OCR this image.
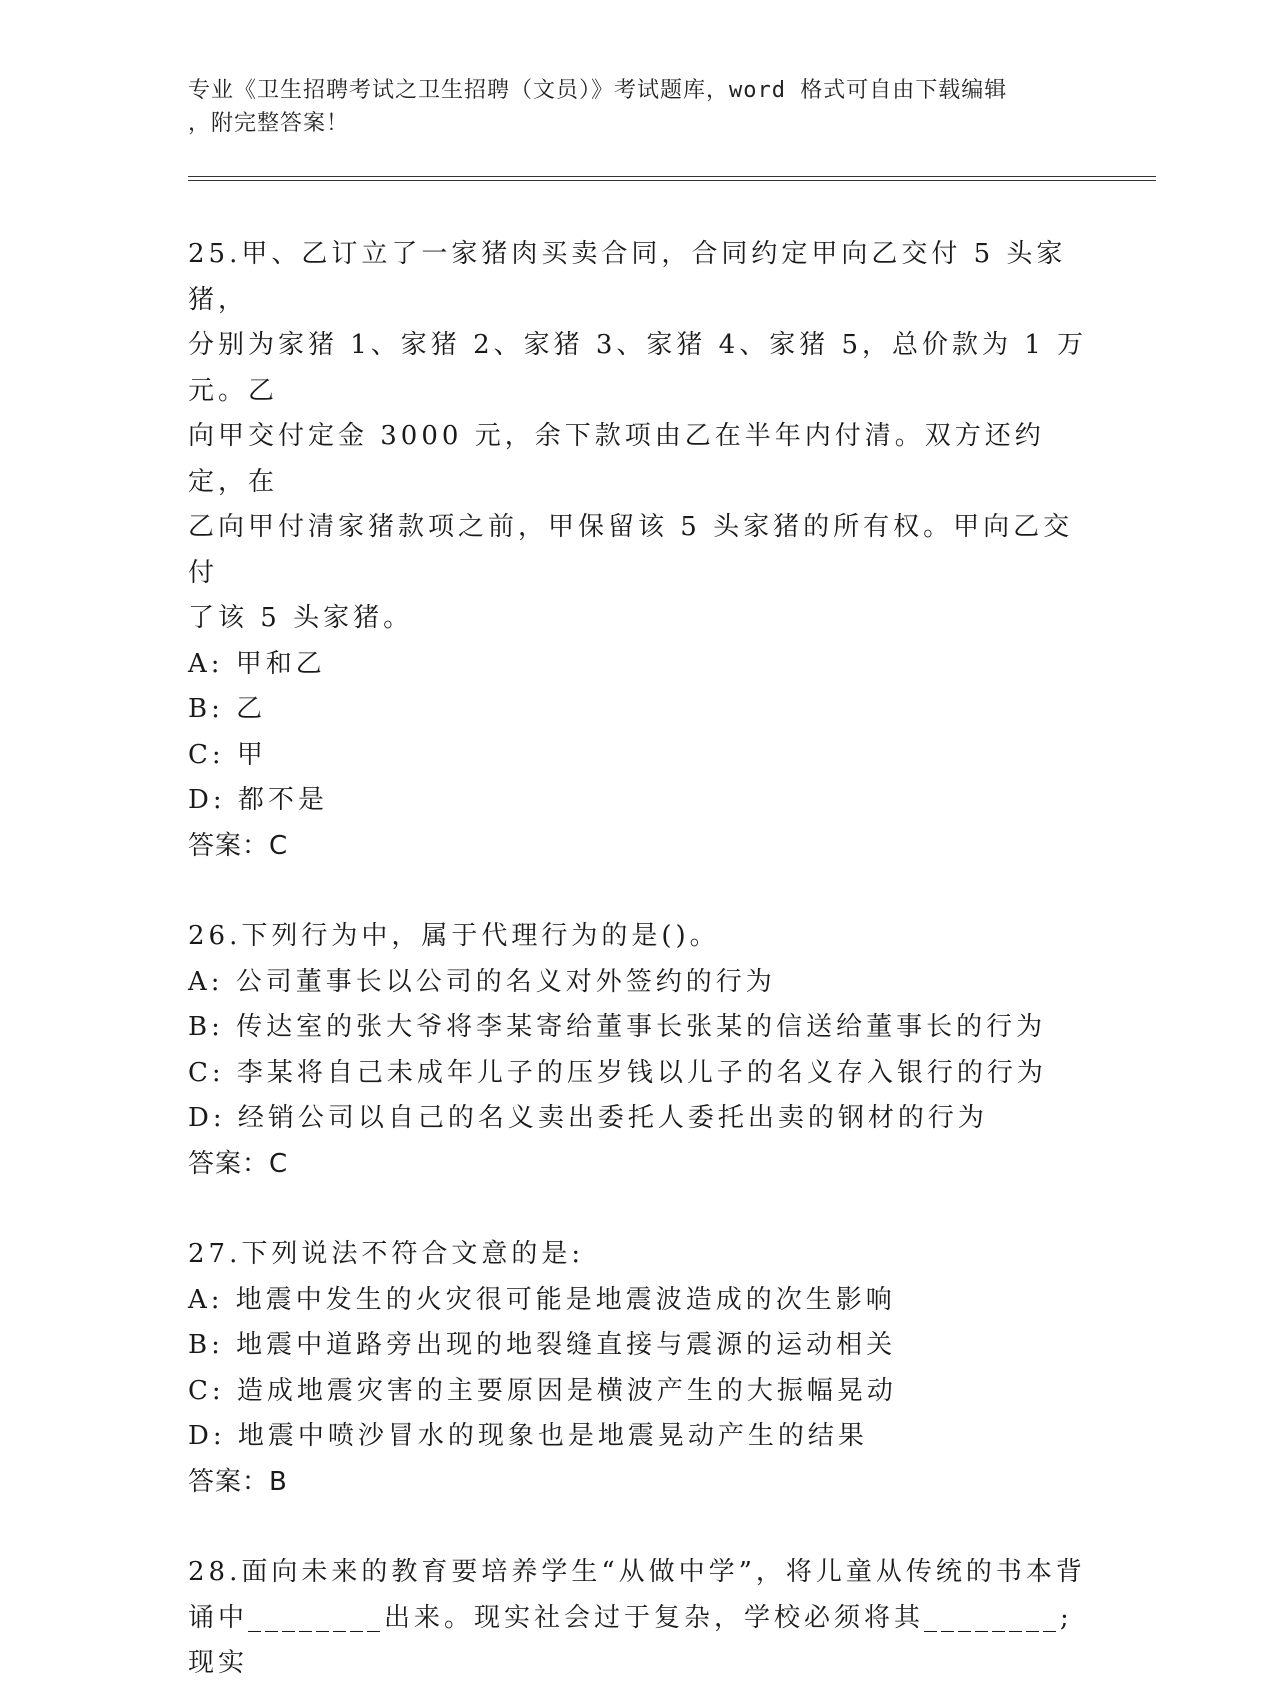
专业《卫生招聘考试之卫生招聘（文员）》考试题库，word 格式可自由下载编辑
，附完整答案！

25.甲、乙订立了一家猪肉买卖合同，合同约定甲向乙交付 5 头家猪，

分别为家猪 1、家猪 2、家猪 3、家猪 4、家猪 5，总价款为 1 万元。乙

向甲交付定金 3000 元，余下款项由乙在半年内付清。双方还约定，在

乙向甲付清家猪款项之前，甲保留该 5 头家猪的所有权。甲向乙交付

了该 5 头家猪。

A: 甲和乙

B: 乙

C: 甲

D: 都不是

答案：C

26.下列行为中，属于代理行为的是()。

A: 公司董事长以公司的名义对外签约的行为

B: 传达室的张大爷将李某寄给董事长张某的信送给董事长的行为

C: 李某将自己未成年儿子的压岁钱以儿子的名义存入银行的行为

D: 经销公司以自己的名义卖出委托人委托出卖的钢材的行为

答案：C

27.下列说法不符合文意的是:

A: 地震中发生的火灾很可能是地震波造成的次生影响

B: 地震中道路旁出现的地裂缝直接与震源的运动相关

C: 造成地震灾害的主要原因是横波产生的大振幅晃动

D: 地震中喷沙冒水的现象也是地震晃动产生的结果

答案：B

28.面向未来的教育要培养学生“从做中学”，将儿童从传统的书本背

诵中________出来。现实社会过于复杂，学校必须将其________;现实
